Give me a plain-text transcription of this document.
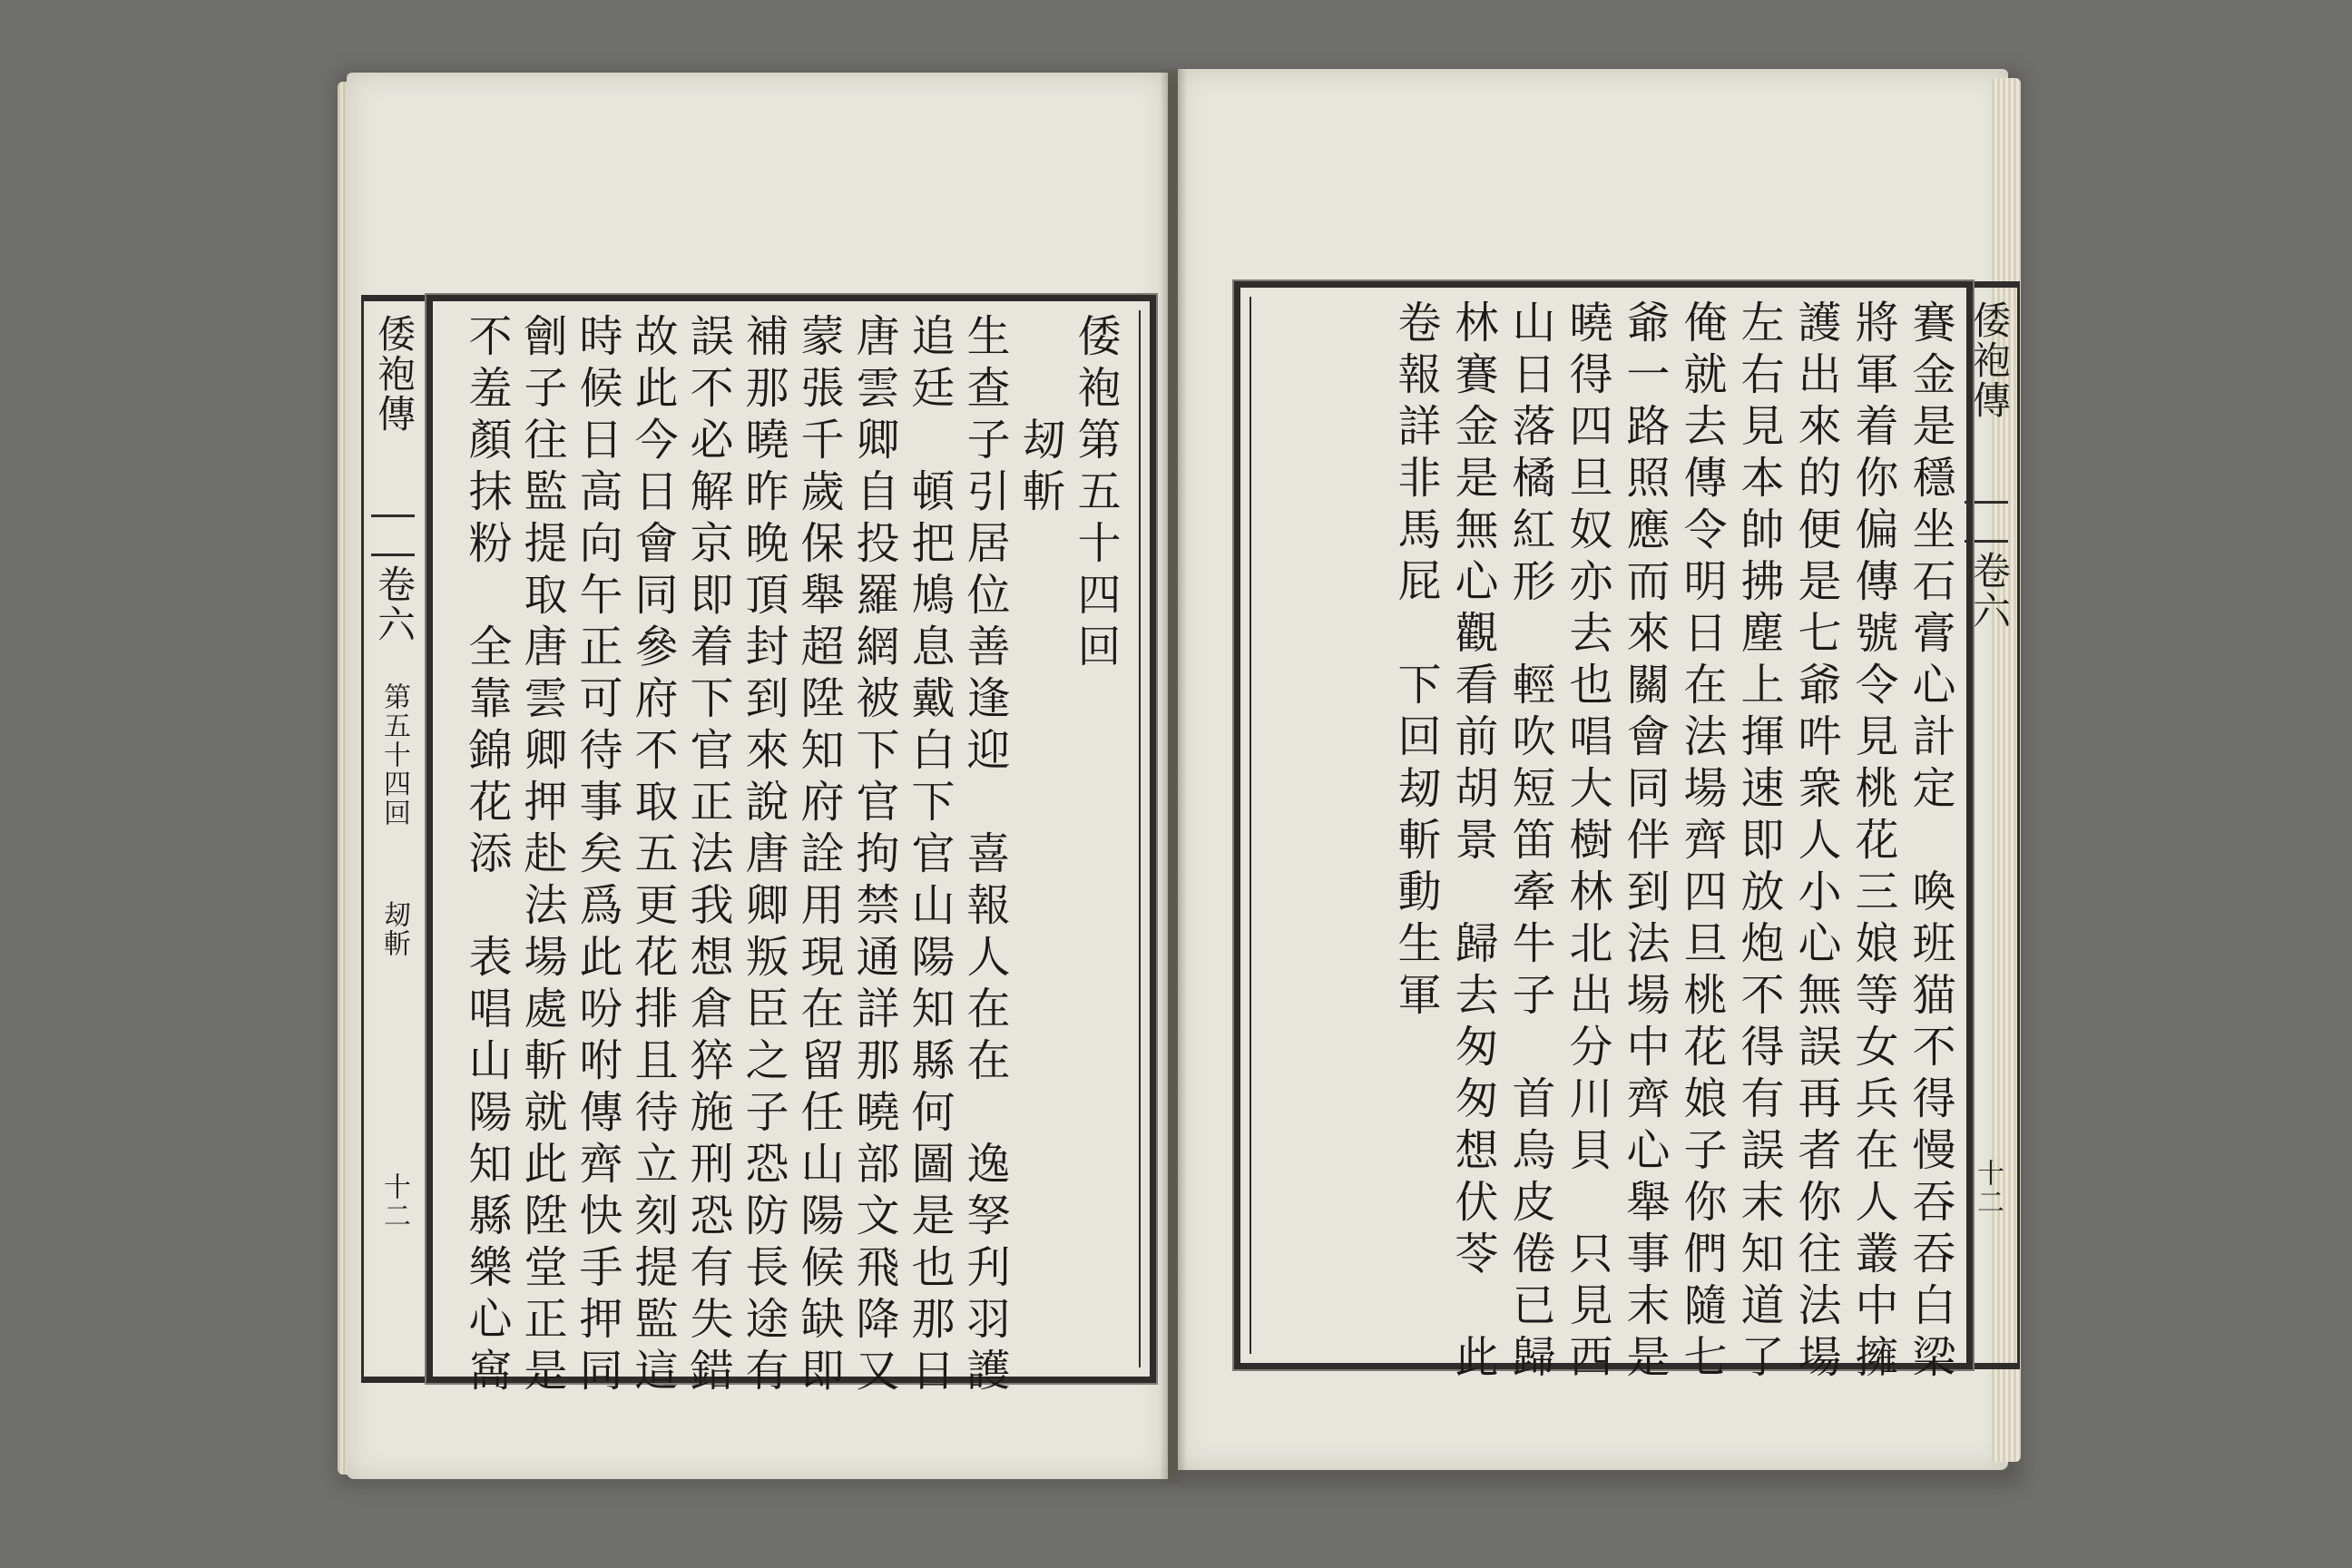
倭袍傳
卷六
第五十四回
刼斬
十二
倭袍傳
卷六
十二
倭袍第五十四回
　　刼斬
生查子引居位善逢迎　喜報人在在　逸孥刋羽護
追廷　頓把鳩息戴白下官山陽知縣何圖是也那日
唐雲卿自投羅網被下官拘禁通詳那曉部文飛降又
蒙張千歲保舉超陞知府詮用現在留任山陽候缺即
補那曉昨晚頂封到來說唐卿叛臣之子恐防長途有
誤不必解京即着下官正法我想倉猝施刑恐有失錯
故此今日會同參府不取五更花排且待立刻提監這
時候日高向午正可待事矣爲此吩咐傳齊快手押同
劊子往監提取唐雲卿押赴法場處斬就此陞堂正是
不羞顏抹粉　全靠錦花添　表唱山陽知縣樂心窩	賽金是穩坐石膏心計定　喚班猫不得慢吞吞白梁
將軍着你偏傳號令見桃花三娘等女兵在人叢中擁
護出來的便是七爺吽衆人小心無誤再者你往法場
左右見本帥拂塵上揮速即放炮不得有誤末知道了
俺就去傳令明日在法場齊四旦桃花娘子你們隨七
爺一路照應而來關會同伴到法場中齊心舉事末是
曉得四旦奴亦去也唱大樹林北出分川貝　只見西
山日落橘紅形　輕吹短笛牽牛子　首烏皮倦已歸
林賽金是無心觀看前胡景　歸去匆匆想伏苓　此
卷報詳非馬屁　下回刼斬動生軍
